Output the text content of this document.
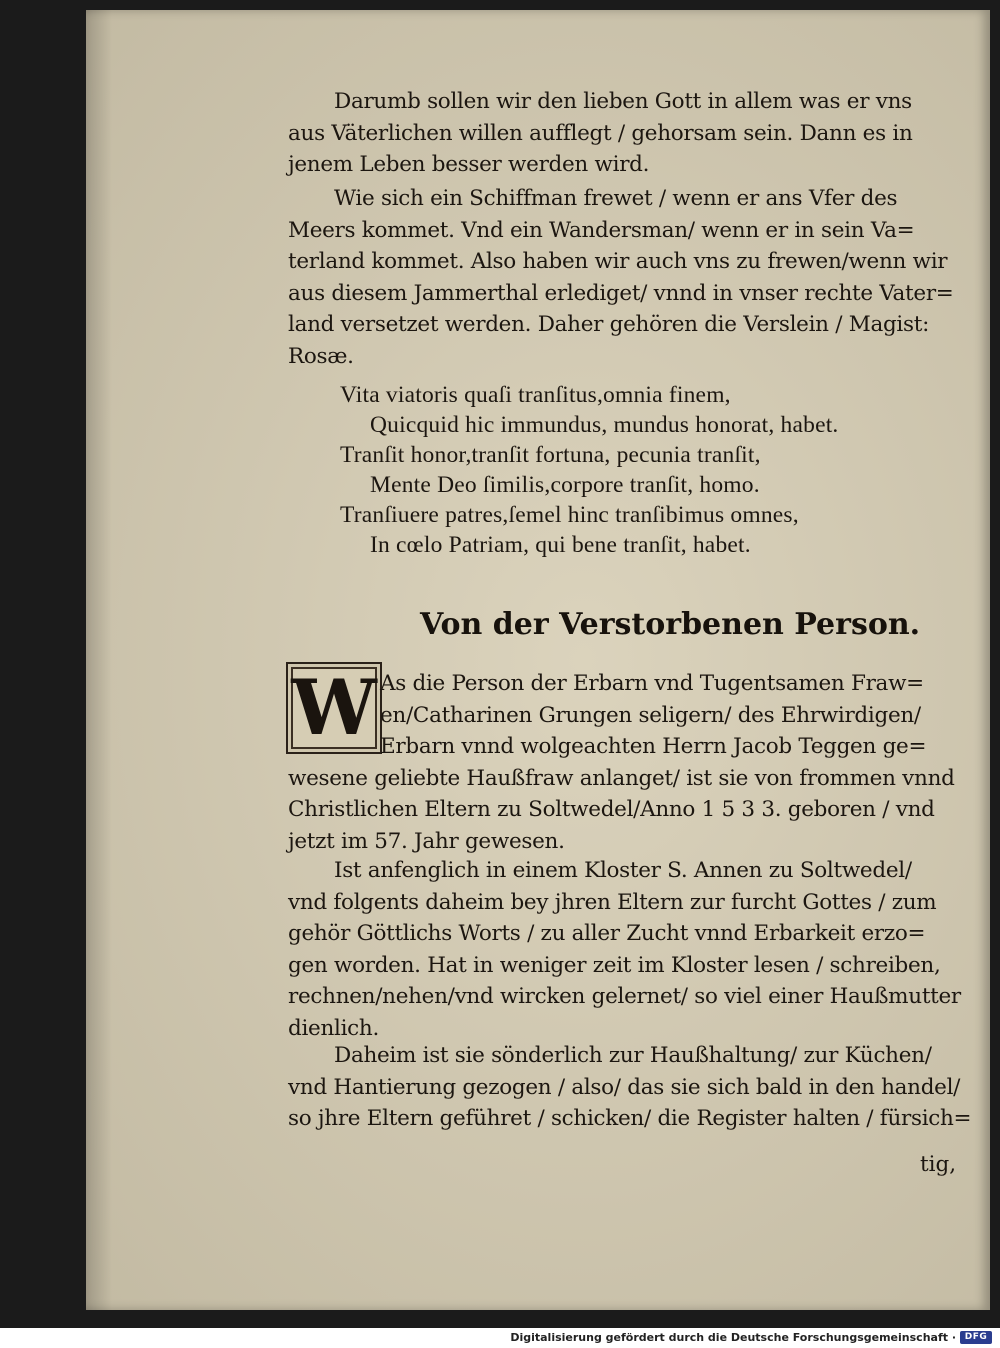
Darumb sollen wir den lieben Gott in allem was er vns
aus Väterlichen willen aufflegt / gehorsam sein. Dann es in
jenem Leben besser werden wird.
Wie sich ein Schiffman frewet / wenn er ans Vfer des
Meers kommet. Vnd ein Wandersman/ wenn er in sein Va=
terland kommet. Also haben wir auch vns zu frewen/wenn wir
aus diesem Jammerthal erlediget/ vnnd in vnser rechte Vater=
land versetzet werden. Daher gehören die Verslein / Magist:
Rosæ.
Vita viatoris quaſi tranſitus,omnia finem,
Quicquid hic immundus, mundus honorat, habet.
Tranſit honor,tranſit fortuna, pecunia tranſit,
Mente Deo ſimilis,corpore tranſit, homo.
Tranſiuere patres,ſemel hinc tranſibimus omnes,
In cœlo Patriam, qui bene tranſit, habet.
Von der Verstorbenen Person.
W As die Person der Erbarn vnd Tugentsamen Fraw=
en/Catharinen Grungen seligern/ des Ehrwirdigen/
Erbarn vnnd wolgeachten Herrn Jacob Teggen ge=
wesene geliebte Haußfraw anlanget/ ist sie von frommen vnnd
Christlichen Eltern zu Soltwedel/Anno 1 5 3 3. geboren / vnd
jetzt im 57. Jahr gewesen.
Ist anfenglich in einem Kloster S. Annen zu Soltwedel/
vnd folgents daheim bey jhren Eltern zur furcht Gottes / zum
gehör Göttlichs Worts / zu aller Zucht vnnd Erbarkeit erzo=
gen worden. Hat in weniger zeit im Kloster lesen / schreiben,
rechnen/nehen/vnd wircken gelernet/ so viel einer Haußmutter
dienlich.
Daheim ist sie sönderlich zur Haußhaltung/ zur Küchen/
vnd Hantierung gezogen / also/ das sie sich bald in den handel/
so jhre Eltern geführet / schicken/ die Register halten / fürsich=
tig,
Digitalisierung gefördert durch die Deutsche Forschungsgemeinschaft · DFG
